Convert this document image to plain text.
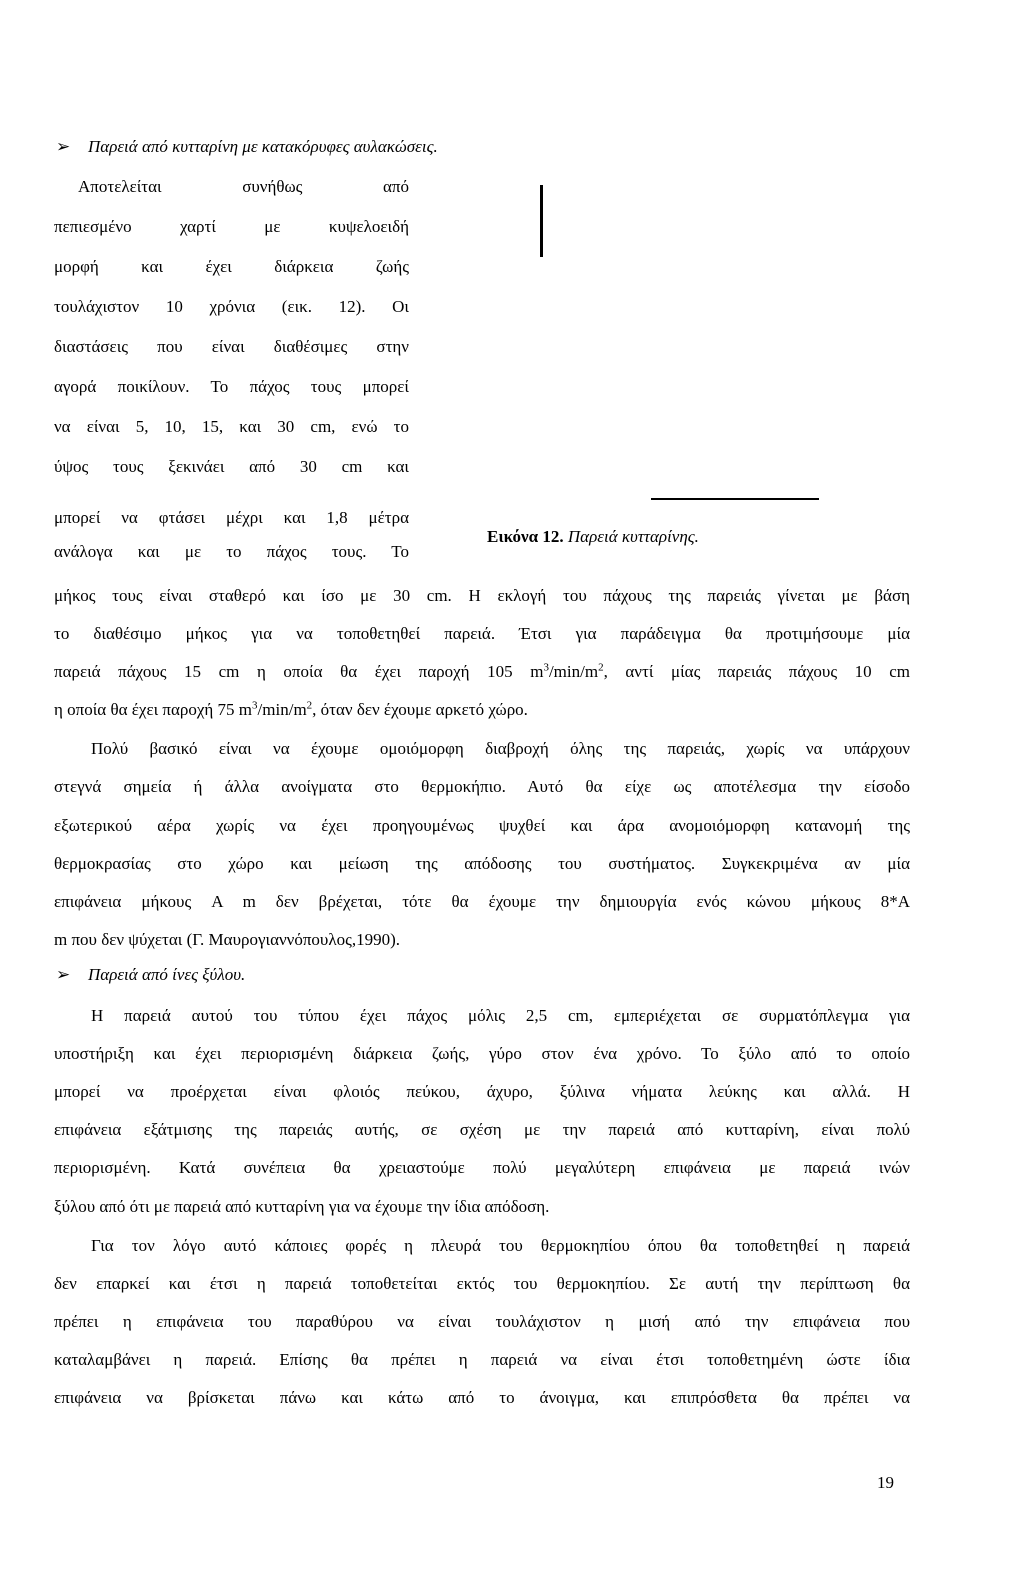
➢ Παρειά από κυτταρίνη με κατακόρυφες αυλακώσεις.
Αποτελείται συνήθως από
πεπιεσμένο χαρτί με κυψελοειδή
μορφή και έχει διάρκεια ζωής
τουλάχιστον 10 χρόνια (εικ. 12). Οι
διαστάσεις που είναι διαθέσιμες στην
αγορά ποικίλουν. Το πάχος τους μπορεί
να είναι 5, 10, 15, και 30 cm, ενώ το
ύψος τους ξεκινάει από 30 cm και
μπορεί να φτάσει μέχρι και 1,8 μέτρα
ανάλογα και με το πάχος τους. Το
Εικόνα 12. Παρειά κυτταρίνης.
μήκος τους είναι σταθερό και ίσο με 30 cm. Η εκλογή του πάχους της παρειάς γίνεται με βάση
το διαθέσιμο μήκος για να τοποθετηθεί παρειά. Έτσι για παράδειγμα θα προτιμήσουμε μία
παρειά πάχους 15 cm η οποία θα έχει παροχή 105 $m^3/\min/m^2$, αντί μίας παρειάς πάχους 10 cm
η οποία θα έχει παροχή 75 $m^3/\min/m^2$, όταν δεν έχουμε αρκετό χώρο.
Πολύ βασικό είναι να έχουμε ομοιόμορφη διαβροχή όλης της παρειάς, χωρίς να υπάρχουν
στεγνά σημεία ή άλλα ανοίγματα στο θερμοκήπιο. Αυτό θα είχε ως αποτέλεσμα την είσοδο
εξωτερικού αέρα χωρίς να έχει προηγουμένως ψυχθεί και άρα ανομοιόμορφη κατανομή της
θερμοκρασίας στο χώρο και μείωση της απόδοσης του συστήματος. Συγκεκριμένα αν μία
επιφάνεια μήκους A m δεν βρέχεται, τότε θα έχουμε την δημιουργία ενός κώνου μήκους 8*A
m που δεν ψύχεται (Γ. Μαυρογιαννόπουλος,1990).
➢ Παρειά από ίνες ξύλου.
Η παρειά αυτού του τύπου έχει πάχος μόλις 2,5 cm, εμπεριέχεται σε συρματόπλεγμα για
υποστήριξη και έχει περιορισμένη διάρκεια ζωής, γύρο στον ένα χρόνο. Το ξύλο από το οποίο
μπορεί να προέρχεται είναι φλοιός πεύκου, άχυρο, ξύλινα νήματα λεύκης και αλλά. Η
επιφάνεια εξάτμισης της παρειάς αυτής, σε σχέση με την παρειά από κυτταρίνη, είναι πολύ
περιορισμένη. Κατά συνέπεια θα χρειαστούμε πολύ μεγαλύτερη επιφάνεια με παρειά ινών
ξύλου από ότι με παρειά από κυτταρίνη για να έχουμε την ίδια απόδοση.
Για τον λόγο αυτό κάποιες φορές η πλευρά του θερμοκηπίου όπου θα τοποθετηθεί η παρειά
δεν επαρκεί και έτσι η παρειά τοποθετείται εκτός του θερμοκηπίου. Σε αυτή την περίπτωση θα
πρέπει η επιφάνεια του παραθύρου να είναι τουλάχιστον η μισή από την επιφάνεια που
καταλαμβάνει η παρειά. Επίσης θα πρέπει η παρειά να είναι έτσι τοποθετημένη ώστε ίδια
επιφάνεια να βρίσκεται πάνω και κάτω από το άνοιγμα, και επιπρόσθετα θα πρέπει να
19
